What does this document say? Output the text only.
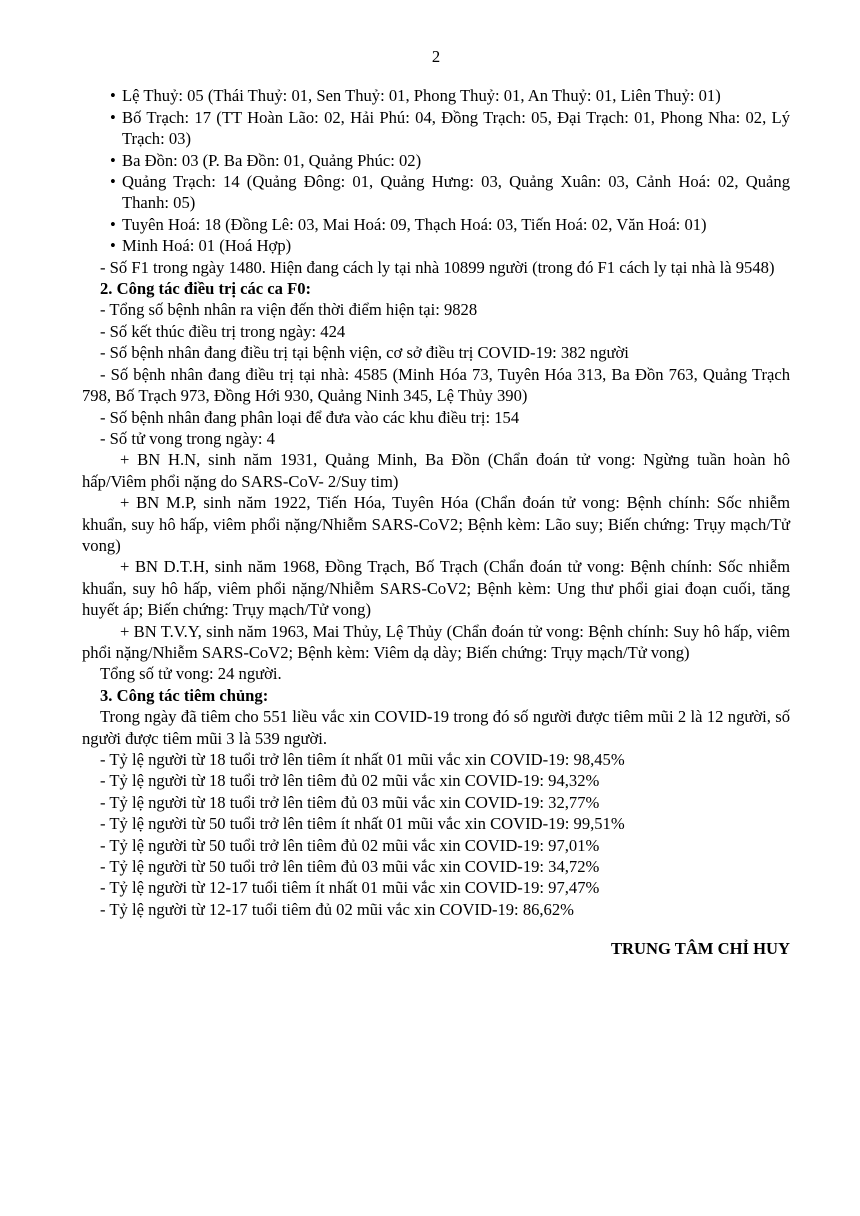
2
• Lệ Thuỷ: 05 (Thái Thuỷ: 01, Sen Thuỷ: 01, Phong Thuỷ: 01, An Thuỷ: 01, Liên Thuỷ: 01)
• Bố Trạch: 17 (TT Hoàn Lão: 02, Hải Phú: 04, Đồng Trạch: 05, Đại Trạch: 01, Phong Nha: 02, Lý Trạch: 03)
• Ba Đồn: 03 (P. Ba Đồn: 01, Quảng Phúc: 02)
• Quảng Trạch: 14 (Quảng Đông: 01, Quảng Hưng: 03, Quảng Xuân: 03, Cảnh Hoá: 02, Quảng Thanh: 05)
• Tuyên Hoá: 18 (Đồng Lê: 03, Mai Hoá: 09, Thạch Hoá: 03, Tiến Hoá: 02, Văn Hoá: 01)
• Minh Hoá: 01 (Hoá Hợp)
- Số F1 trong ngày 1480. Hiện đang cách ly tại nhà 10899 người (trong đó F1 cách ly tại nhà là 9548)
2. Công tác điều trị các ca F0:
- Tổng số bệnh nhân ra viện đến thời điểm hiện tại: 9828
- Số kết thúc điều trị trong ngày: 424
- Số bệnh nhân đang điều trị tại bệnh viện, cơ sở điều trị COVID-19: 382 người
- Số bệnh nhân đang điều trị tại nhà: 4585 (Minh Hóa 73, Tuyên Hóa 313, Ba Đồn 763, Quảng Trạch 798, Bố Trạch 973, Đồng Hới 930, Quảng Ninh 345, Lệ Thủy 390)
- Số bệnh nhân đang phân loại để đưa vào các khu điều trị: 154
- Số tử vong trong ngày: 4
+ BN H.N, sinh năm 1931, Quảng Minh, Ba Đồn (Chẩn đoán tử vong: Ngừng tuần hoàn hô hấp/Viêm phổi nặng do SARS-CoV- 2/Suy tim)
+ BN M.P, sinh năm 1922, Tiến Hóa, Tuyên Hóa (Chẩn đoán tử vong: Bệnh chính: Sốc nhiễm khuẩn, suy hô hấp, viêm phổi nặng/Nhiễm SARS-CoV2; Bệnh kèm: Lão suy; Biến chứng: Trụy mạch/Tử vong)
+ BN D.T.H, sinh năm 1968, Đồng Trạch, Bố Trạch (Chẩn đoán tử vong: Bệnh chính: Sốc nhiễm khuẩn, suy hô hấp, viêm phổi nặng/Nhiễm SARS-CoV2; Bệnh kèm: Ung thư phổi giai đoạn cuối, tăng huyết áp; Biến chứng: Trụy mạch/Tử vong)
+ BN T.V.Y, sinh năm 1963, Mai Thủy, Lệ Thủy (Chẩn đoán tử vong: Bệnh chính: Suy hô hấp, viêm phổi nặng/Nhiễm SARS-CoV2; Bệnh kèm: Viêm dạ dày; Biến chứng: Trụy mạch/Tử vong)
Tổng số tử vong: 24 người.
3. Công tác tiêm chủng:
Trong ngày đã tiêm cho 551 liều vắc xin COVID-19 trong đó số người được tiêm mũi 2 là 12 người, số người được tiêm mũi 3 là 539 người.
- Tỷ lệ người từ 18 tuổi trở lên tiêm ít nhất 01 mũi vắc xin COVID-19: 98,45%
- Tỷ lệ người từ 18 tuổi trở lên tiêm đủ 02 mũi vắc xin COVID-19: 94,32%
- Tỷ lệ người từ 18 tuổi trở lên tiêm đủ 03 mũi vắc xin COVID-19: 32,77%
- Tỷ lệ người từ 50 tuổi trở lên tiêm ít nhất 01 mũi vắc xin COVID-19: 99,51%
- Tỷ lệ người từ 50 tuổi trở lên tiêm đủ 02 mũi vắc xin COVID-19: 97,01%
- Tỷ lệ người từ 50 tuổi trở lên tiêm đủ 03 mũi vắc xin COVID-19: 34,72%
- Tỷ lệ người từ 12-17 tuổi tiêm ít nhất 01 mũi vắc xin COVID-19: 97,47%
- Tỷ lệ người từ 12-17 tuổi tiêm đủ 02 mũi vắc xin COVID-19: 86,62%
TRUNG TÂM CHỈ HUY
